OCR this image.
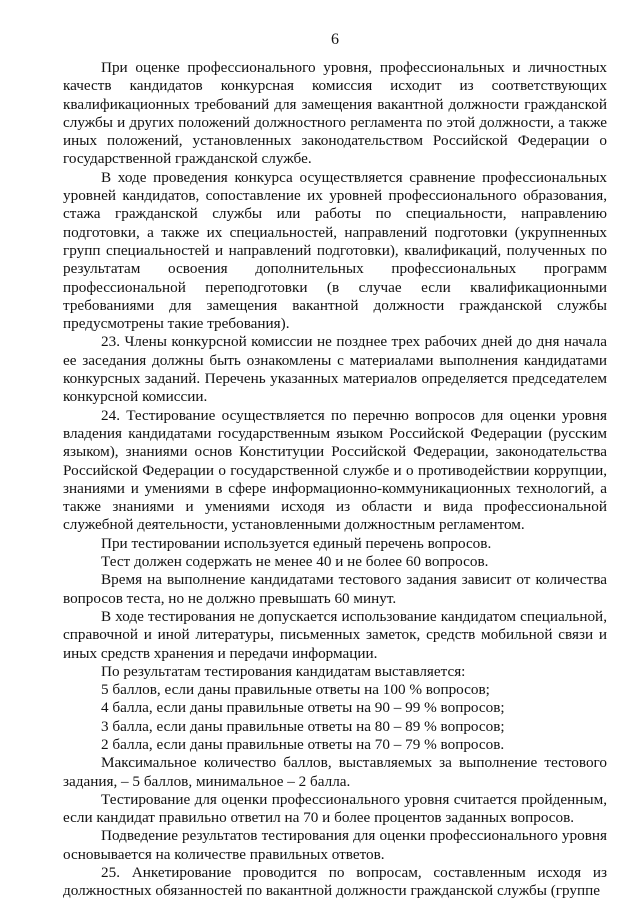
6

При оценке профессионального уровня, профессиональных и личностных качеств кандидатов конкурсная комиссия исходит из соответствующих квалификационных требований для замещения вакантной должности гражданской службы и других положений должностного регламента по этой должности, а также иных положений, установленных законодательством Российской Федерации о государственной гражданской службе.

В ходе проведения конкурса осуществляется сравнение профессиональных уровней кандидатов, сопоставление их уровней профессионального образования, стажа гражданской службы или работы по специальности, направлению подготовки, а также их специальностей, направлений подготовки (укрупненных групп специальностей и направлений подготовки), квалификаций, полученных по результатам освоения дополнительных профессиональных программ профессиональной переподготовки (в случае если квалификационными требованиями для замещения вакантной должности гражданской службы предусмотрены такие требования).

23. Члены конкурсной комиссии не позднее трех рабочих дней до дня начала ее заседания должны быть ознакомлены с материалами выполнения кандидатами конкурсных заданий. Перечень указанных материалов определяется председателем конкурсной комиссии.

24. Тестирование осуществляется по перечню вопросов для оценки уровня владения кандидатами государственным языком Российской Федерации (русским языком), знаниями основ Конституции Российской Федерации, законодательства Российской Федерации о государственной службе и о противодействии коррупции, знаниями и умениями в сфере информационно-коммуникационных технологий, а также знаниями и умениями исходя из области и вида профессиональной служебной деятельности, установленными должностным регламентом.

При тестировании используется единый перечень вопросов.

Тест должен содержать не менее 40 и не более 60 вопросов.

Время на выполнение кандидатами тестового задания зависит от количества вопросов теста, но не должно превышать 60 минут.

В ходе тестирования не допускается использование кандидатом специальной, справочной и иной литературы, письменных заметок, средств мобильной связи и иных средств хранения и передачи информации.

По результатам тестирования кандидатам выставляется:

5 баллов, если даны правильные ответы на 100 % вопросов;

4 балла, если даны правильные ответы на 90 – 99 % вопросов;

3 балла, если даны правильные ответы на 80 – 89 % вопросов;

2 балла, если даны правильные ответы на 70 – 79 % вопросов.

Максимальное количество баллов, выставляемых за выполнение тестового задания, – 5 баллов, минимальное – 2 балла.

Тестирование для оценки профессионального уровня считается пройденным, если кандидат правильно ответил на 70 и более процентов заданных вопросов.

Подведение результатов тестирования для оценки профессионального уровня основывается на количестве правильных ответов.

25. Анкетирование проводится по вопросам, составленным исходя из должностных обязанностей по вакантной должности гражданской службы (группе
